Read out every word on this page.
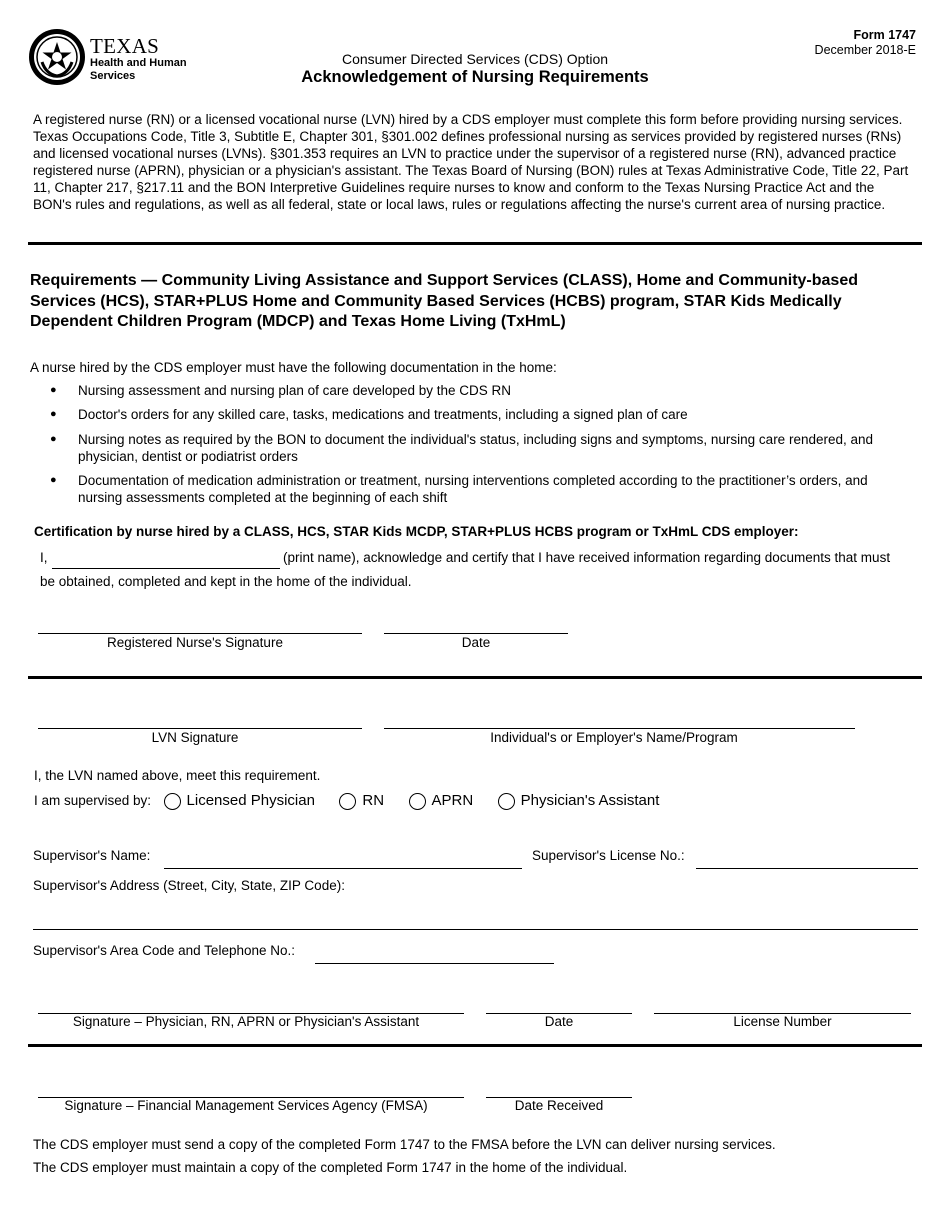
TEXAS
Health and Human
Services
Consumer Directed Services (CDS) Option
Acknowledgement of Nursing Requirements
Form 1747
December 2018-E
A registered nurse (RN) or a licensed vocational nurse (LVN) hired by a CDS employer must complete this form before providing nursing services. Texas Occupations Code, Title 3, Subtitle E, Chapter 301, §301.002 defines professional nursing as services provided by registered nurses (RNs) and licensed vocational nurses (LVNs). §301.353 requires an LVN to practice under the supervisor of a registered nurse (RN), advanced practice registered nurse (APRN), physician or a physician's assistant. The Texas Board of Nursing (BON) rules at Texas Administrative Code, Title 22, Part 11, Chapter 217, §217.11 and the BON Interpretive Guidelines require nurses to know and conform to the Texas Nursing Practice Act and the BON's rules and regulations, as well as all federal, state or local laws, rules or regulations affecting the nurse's current area of nursing practice.
Requirements — Community Living Assistance and Support Services (CLASS), Home and Community-based Services (HCS), STAR+PLUS Home and Community Based Services (HCBS) program, STAR Kids Medically Dependent Children Program (MDCP) and Texas Home Living (TxHmL)
A nurse hired by the CDS employer must have the following documentation in the home:
● Nursing assessment and nursing plan of care developed by the CDS RN
● Doctor's orders for any skilled care, tasks, medications and treatments, including a signed plan of care
● Nursing notes as required by the BON to document the individual's status, including signs and symptoms, nursing care rendered, and physician, dentist or podiatrist orders
● Documentation of medication administration or treatment, nursing interventions completed according to the practitioner’s orders, and nursing assessments completed at the beginning of each shift
Certification by nurse hired by a CLASS, HCS, STAR Kids MCDP, STAR+PLUS HCBS program or TxHmL CDS employer:
I,	(print name), acknowledge and certify that I have received information regarding documents that must
be obtained, completed and kept in the home of the individual.
Registered Nurse's Signature	Date
LVN Signature	Individual's or Employer's Name/Program
I, the LVN named above, meet this requirement.
I am supervised by: Licensed Physician	RN	APRN	Physician's Assistant
Supervisor's Name:	Supervisor's License No.:
Supervisor's Address (Street, City, State, ZIP Code):
Supervisor's Area Code and Telephone No.:
Signature – Physician, RN, APRN or Physician's Assistant	Date	License Number
Signature – Financial Management Services Agency (FMSA)	Date Received
The CDS employer must send a copy of the completed Form 1747 to the FMSA before the LVN can deliver nursing services.
The CDS employer must maintain a copy of the completed Form 1747 in the home of the individual.
